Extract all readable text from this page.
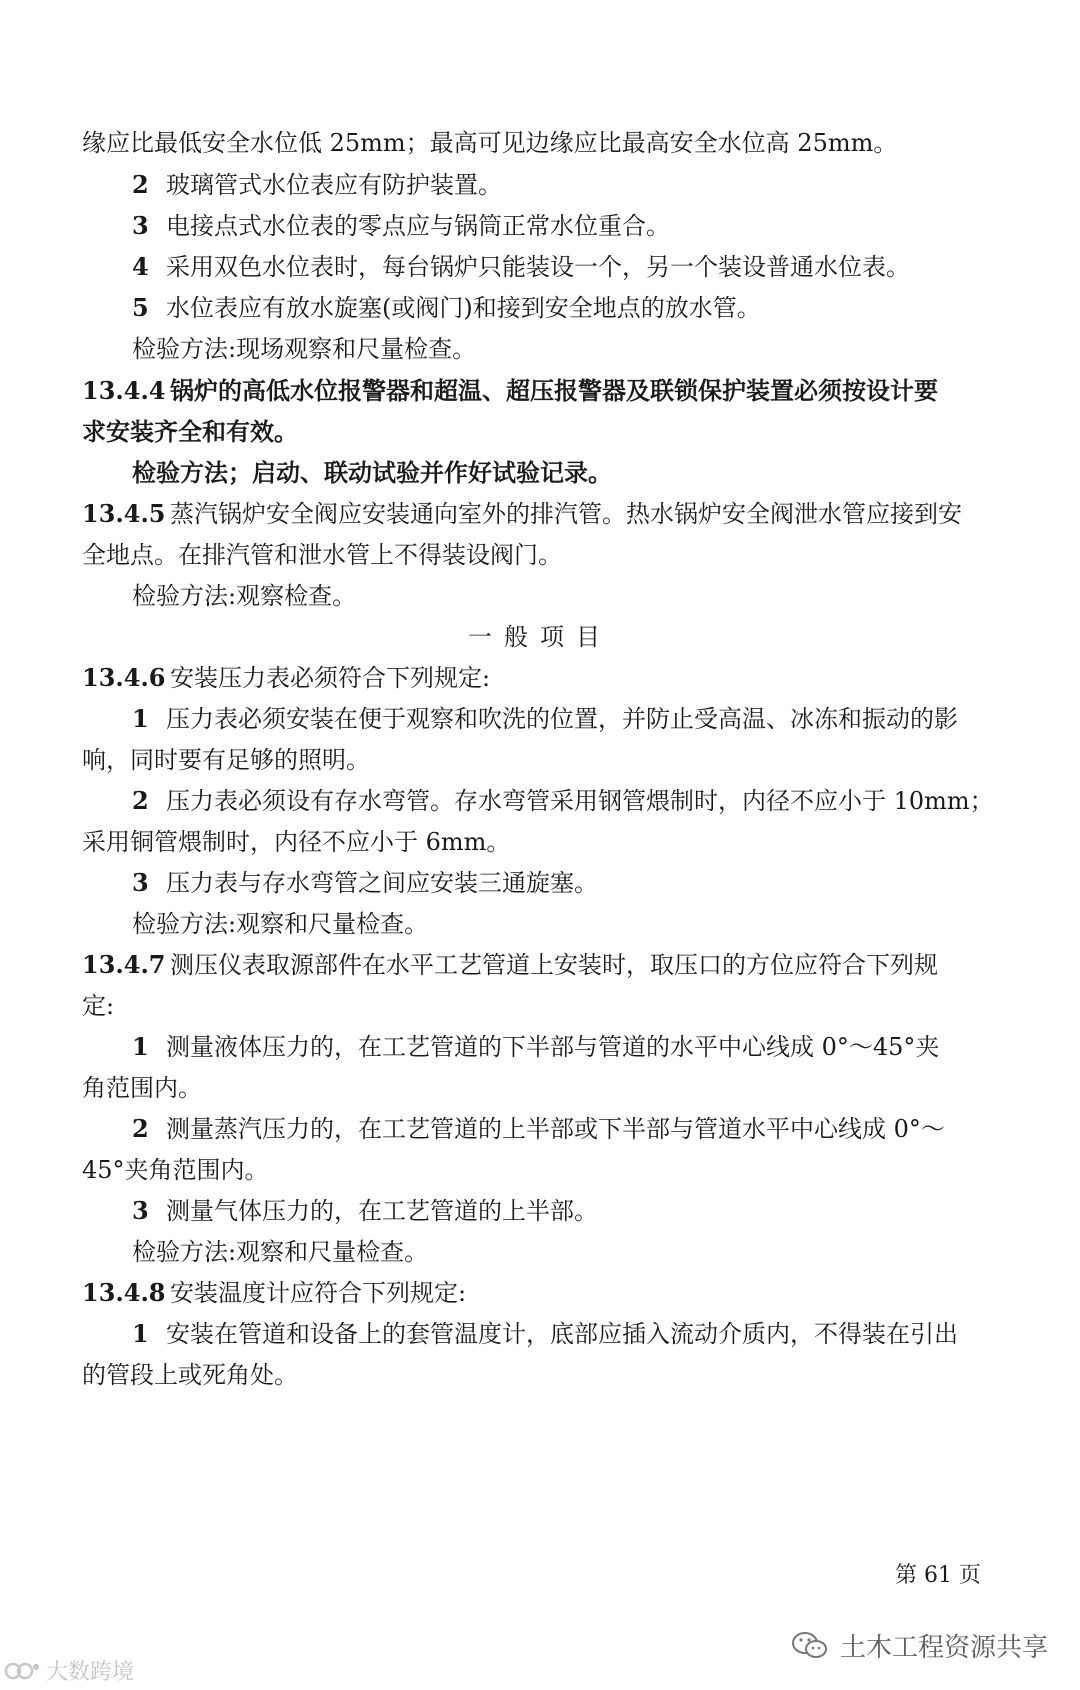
缘应比最低安全水位低 25mm；最高可见边缘应比最高安全水位高 25mm。
2 玻璃管式水位表应有防护装置。
3 电接点式水位表的零点应与锅筒正常水位重合。
4 采用双色水位表时，每台锅炉只能装设一个，另一个装设普通水位表。
5 水位表应有放水旋塞(或阀门)和接到安全地点的放水管。
检验方法:现场观察和尺量检查。
13.4.4 锅炉的高低水位报警器和超温、超压报警器及联锁保护装置必须按设计要
求安装齐全和有效。
检验方法；启动、联动试验并作好试验记录。
13.4.5 蒸汽锅炉安全阀应安装通向室外的排汽管。热水锅炉安全阀泄水管应接到安
全地点。在排汽管和泄水管上不得装设阀门。
检验方法:观察检查。
一般项目
13.4.6 安装压力表必须符合下列规定:
1 压力表必须安装在便于观察和吹洗的位置，并防止受高温、冰冻和振动的影
响，同时要有足够的照明。
2 压力表必须设有存水弯管。存水弯管采用钢管煨制时，内径不应小于 10mm；
采用铜管煨制时，内径不应小于 6mm。
3 压力表与存水弯管之间应安装三通旋塞。
检验方法:观察和尺量检查。
13.4.7 测压仪表取源部件在水平工艺管道上安装时，取压口的方位应符合下列规
定:
1 测量液体压力的，在工艺管道的下半部与管道的水平中心线成 0°～45°夹
角范围内。
2 测量蒸汽压力的，在工艺管道的上半部或下半部与管道水平中心线成 0°～
45°夹角范围内。
3 测量气体压力的，在工艺管道的上半部。
检验方法:观察和尺量检查。
13.4.8 安装温度计应符合下列规定:
1 安装在管道和设备上的套管温度计，底部应插入流动介质内，不得装在引出
的管段上或死角处。
第 61 页
土木工程资源共享
大数跨境
